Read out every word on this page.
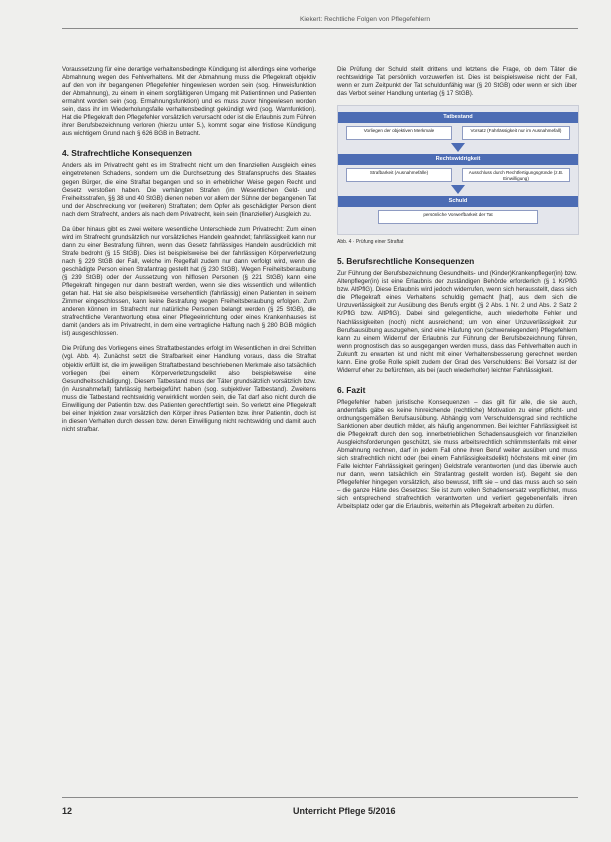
Kiekert: Rechtliche Folgen von Pflegefehlern

Voraussetzung für eine derartige verhaltensbedingte Kündigung ist allerdings eine vorherige Abmahnung wegen des Fehlverhaltens. Mit der Abmahnung muss die Pflegekraft objektiv auf den von ihr begangenen Pflegefehler hingewiesen worden sein (sog. Hinweisfunktion der Abmahnung), zu einem in einem sorgfältigeren Umgang mit Patientinnen und Patienten ermahnt worden sein (sog. Ermahnungsfunktion) und es muss zuvor hingewiesen worden sein, dass ihr im Wiederholungsfalle verhaltensbedingt gekündigt wird (sog. Warnfunktion). Hat die Pflegekraft den Pflegefehler vorsätzlich verursacht oder ist die Erlaubnis zum Führen ihrer Berufsbezeichnung verloren (hierzu unter 5.), kommt sogar eine fristlose Kündigung aus wichtigem Grund nach § 626 BGB in Betracht.

4. Strafrechtliche Konsequenzen

Anders als im Privatrecht geht es im Strafrecht nicht um den finanziellen Ausgleich eines eingetretenen Schadens, sondern um die Durchsetzung des Strafanspruchs des Staates gegen Bürger, die eine Straftat begangen und so in erheblicher Weise gegen Recht und Gesetz verstoßen haben. Die verhängten Strafen (im Wesentlichen Geld- und Freiheitsstrafen, §§ 38 und 40 StGB) dienen neben vor allem der Sühne der begangenen Tat und der Abschreckung vor (weiteren) Straftaten; dem Opfer als geschädigter Person dient nach dem Strafrecht, anders als nach dem Privatrecht, kein sein (finanzieller) Ausgleich zu.

Da über hinaus gibt es zwei weitere wesentliche Unterschiede zum Privatrecht: Zum einen wird im Strafrecht grundsätzlich nur vorsätzliches Handeln geahndet; fahrlässigkeit kann nur dann zu einer Bestrafung führen, wenn das Gesetz fahrlässiges Handeln ausdrücklich mit Strafe bedroht (§ 15 StGB). Dies ist beispielsweise bei der fahrlässigen Körperverletzung nach § 229 StGB der Fall, welche im Regelfall zudem nur dann verfolgt wird, wenn die geschädigte Person einen Strafantrag gestellt hat (§ 230 StGB). Wegen Freiheitsberaubung (§ 239 StGB) oder der Aussetzung von hilflosen Personen (§ 221 StGB) kann eine Pflegekraft hingegen nur dann bestraft werden, wenn sie dies wissentlich und willentlich getan hat. Hat sie also beispielsweise versehentlich (fahrlässig) einen Patienten in seinem Zimmer eingeschlossen, kann keine Bestrafung wegen Freiheitsberaubung erfolgen. Zum anderen können im Strafrecht nur natürliche Personen belangt werden (§ 25 StGB), die strafrechtliche Verantwortung etwa einer Pflegeeinrichtung oder eines Krankenhauses ist damit (anders als im Privatrecht, in dem eine vertragliche Haftung nach § 280 BGB möglich ist) ausgeschlossen.

Die Prüfung des Vorliegens eines Straftatbestandes erfolgt im Wesentlichen in drei Schritten (vgl. Abb. 4). Zunächst setzt die Strafbarkeit einer Handlung voraus, dass die Straftat objektiv erfüllt ist, die im jeweiligen Straftatbestand beschriebenen Merkmale also tatsächlich vorliegen (bei einem Körperverletzungsdelikt also beispielsweise eine Gesundheitsschädigung). Diesem Tatbestand muss der Täter grundsätzlich vorsätzlich bzw. (in Ausnahmefall) fahrlässig herbeigeführt haben (sog. subjektiver Tatbestand). Zweitens muss die Tatbestand rechtswidrig verwirklicht worden sein, die Tat darf also nicht durch die Einwilligung der Patientin bzw. des Patienten gerechtfertigt sein. So verletzt eine Pflegekraft bei einer Injektion zwar vorsätzlich den Körper ihres Patienten bzw. ihrer Patientin, doch ist in diesen Verhalten durch dessen bzw. deren Einwilligung nicht rechtswidrig und damit auch nicht strafbar.

Die Prüfung der Schuld stellt drittens und letztens die Frage, ob dem Täter die rechtswidrige Tat persönlich vorzuwerfen ist. Dies ist beispielsweise nicht der Fall, wenn er zum Zeitpunkt der Tat schuldunfähig war (§ 20 StGB) oder wenn er sich über das Verbot seiner Handlung unterlag (§ 17 StGB).

Tatbestand
Vorliegen der objektiven Merkmale	Vorsatz (Fahrlässigkeit nur im Ausnahmefall)
Rechtswidrigkeit
Strafbarkeit (Ausnahmefälle)	Ausschluss durch Rechtfertigungsgründe (z.B. Einwilligung)
Schuld
persönliche Vorwerfbarkeit der Tat
Abb. 4 · Prüfung einer Straftat
5. Berufsrechtliche Konsequenzen

Zur Führung der Berufsbezeichnung Gesundheits- und (Kinder)Krankenpfleger(in) bzw. Altenpfleger(in) ist eine Erlaubnis der zuständigen Behörde erforderlich (§ 1 KrPflG bzw. AltPflG). Diese Erlaubnis wird jedoch widerrufen, wenn sich herausstellt, dass sich die Pflegekraft eines Verhaltens schuldig gemacht [hat], aus dem sich die Unzuverlässigkeit zur Ausübung des Berufs ergibt (§ 2 Abs. 1 Nr. 2 und Abs. 2 Satz 2 KrPflG bzw. AltPflG). Dabei sind gelegentliche, auch wiederholte Fehler und Nachlässigkeiten (noch) nicht ausreichend; um von einer Unzuverlässigkeit zur Berufsausübung auszugehen, sind eine Häufung von (schwerwiegenden) Pflegefehlern kann zu einem Widerruf der Erlaubnis zur Führung der Berufsbezeichnung führen, wenn prognostisch das so ausgegangen werden muss, dass das Fehlverhalten auch in Zukunft zu erwarten ist und nicht mit einer Verhaltensbesserung gerechnet werden kann. Eine große Rolle spielt zudem der Grad des Verschuldens: Bei Vorsatz ist der Widerruf eher zu befürchten, als bei (auch wiederholter) leichter Fahrlässigkeit.

6. Fazit

Pflegefehler haben juristische Konsequenzen – das gilt für alle, die sie auch, andernfalls gäbe es keine hinreichende (rechtliche) Motivation zu einer pflicht- und ordnungsgemäßen Berufsausübung. Abhängig vom Verschuldensgrad sind rechtliche Sanktionen aber deutlich milder, als häufig angenommen. Bei leichter Fahrlässigkeit ist die Pflegekraft durch den sog. innerbetrieblichen Schadensausgleich vor finanziellen Ausgleichsforderungen geschützt, sie muss arbeitsrechtlich schlimmstenfalls mit einer Abmahnung rechnen, darf in jedem Fall ohne ihren Beruf weiter ausüben und muss sich strafrechtlich nicht oder (bei einem Fahrlässigkeitsdelikt) höchstens mit einer (im Falle leichter Fahrlässigkeit geringen) Geldstrafe verantworten (und das überwie auch nur dann, wenn tatsächlich ein Strafantrag gestellt worden ist). Begeht sie den Pflegefehler hingegen vorsätzlich, also bewusst, trifft sie – und das muss auch so sein – die ganze Härte des Gesetzes: Sie ist zum vollen Schadensersatz verpflichtet, muss sich entsprechend strafrechtlich verantworten und verliert gegebenenfalls ihren Arbeitsplatz oder gar die Erlaubnis, weiterhin als Pflegekraft arbeiten zu dürfen.

12	Unterricht Pflege 5/2016
